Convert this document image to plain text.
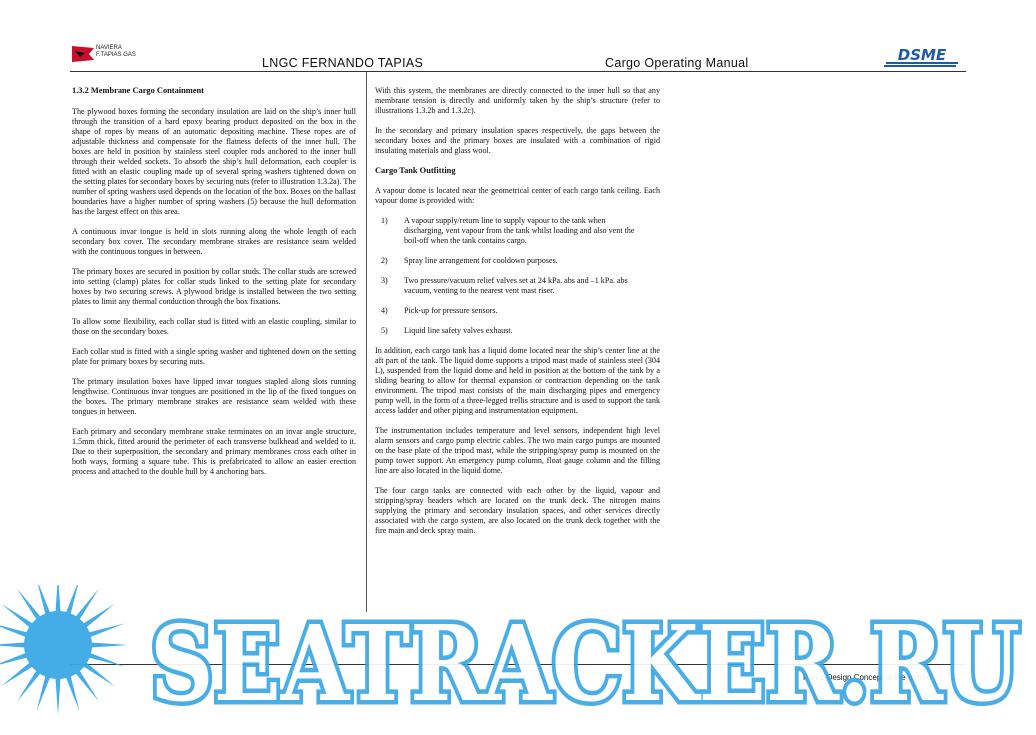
NAVIERA
F.TAPIAS GAS
LNGC FERNANDO TAPIAS	Cargo Operating Manual	DSME
1.3.2 Membrane Cargo Containment

The plywood boxes forming the secondary insulation are laid on the ship’s inner hull through the transition of a hard epoxy bearing product deposited on the box in the shape of ropes by means of an automatic depositing machine. These ropes are of adjustable thickness and compensate for the flatness defects of the inner hull. The boxes are held in position by stainless steel coupler rods anchored to the inner hull through their welded sockets. To absorb the ship’s hull deformation, each coupler is fitted with an elastic coupling made up of several spring washers tightened down on the setting plates for secondary boxes by securing nuts (refer to illustration 1.3.2a). The number of spring washers used depends on the location of the box. Boxes on the ballast boundaries have a higher number of spring washers (5) because the hull deformation has the largest effect on this area.

A continuous invar tongue is held in slots running along the whole length of each secondary box cover. The secondary membrane strakes are resistance seam welded with the continuous tongues in between.

The primary boxes are secured in position by collar studs. The collar studs are screwed into setting (clamp) plates for collar studs linked to the setting plate for secondary boxes by two securing screws. A plywood bridge is installed between the two setting plates to limit any thermal conduction through the box fixations.

To allow some flexibility, each collar stud is fitted with an elastic coupling, similar to those on the secondary boxes.

Each collar stud is fitted with a single spring washer and tightened down on the setting plate for primary boxes by securing nuts.

The primary insulation boxes have lipped invar tongues stapled along slots running lengthwise. Continuous invar tongues are positioned in the lip of the fixed tongues on the boxes. The primary membrane strakes are resistance seam welded with these tongues in between.

Each primary and secondary membrane strake terminates on an invar angle structure, 1.5mm thick, fitted around the perimeter of each transverse bulkhead and welded to it. Due to their superposition, the secondary and primary membranes cross each other in both ways, forming a square tube. This is prefabricated to allow an easier erection process and attached to the double hull by 4 anchoring bars.

With this system, the membranes are directly connected to the inner hull so that any membrane tension is directly and uniformly taken by the ship’s structure (refer to illustrations 1.3.2b and 1.3.2c).

In the secondary and primary insulation spaces respectively, the gaps between the secondary boxes and the primary boxes are insulated with a combination of rigid insulating materials and glass wool.

Cargo Tank Outfitting

A vapour dome is located near the geometrical center of each cargo tank ceiling. Each vapour dome is provided with:

1)	A vapour supply/return line to supply vapour to the tank when discharging, vent vapour from the tank whilst loading and also vent the boil-off when the tank contains cargo.
2)	Spray line arrangement for cooldown purposes.
3)	Two pressure/vacuum relief valves set at 24 kPa. abs and –1 kPa. abs vacuum, venting to the nearest vent mast riser.
4)	Pick-up for pressure sensors.
5)	Liquid line safety valves exhaust.

In addition, each cargo tank has a liquid dome located near the ship’s center line at the aft part of the tank. The liquid dome supports a tripod mast made of stainless steel (304 L), suspended from the liquid dome and held in position at the bottom of the tank by a sliding bearing to allow for thermal expansion or contraction depending on the tank environment. The tripod mast consists of the main discharging pipes and emergency pump well, in the form of a three-legged trellis structure and is used to support the tank access ladder and other piping and instrumentation equipment.

The instrumentation includes temperature and level sensors, independent high level alarm sensors and cargo pump electric cables. The two main cargo pumps are mounted on the base plate of the tripod mast, while the stripping/spray pump is mounted on the pump tower support. An emergency pump column, float gauge column and the filling line are also located in the liquid dome.

The four cargo tanks are connected with each other by the liquid, vapour and stripping/spray headers which are located on the trunk deck. The nitrogen mains supplying the primary and secondary insulation spaces, and other services directly associated with the cargo system, are also located on the trunk deck together with the fire main and deck spray main.

36 of 251	Part 1 Design Concept of the Vessel
SEATRACKER.RU
